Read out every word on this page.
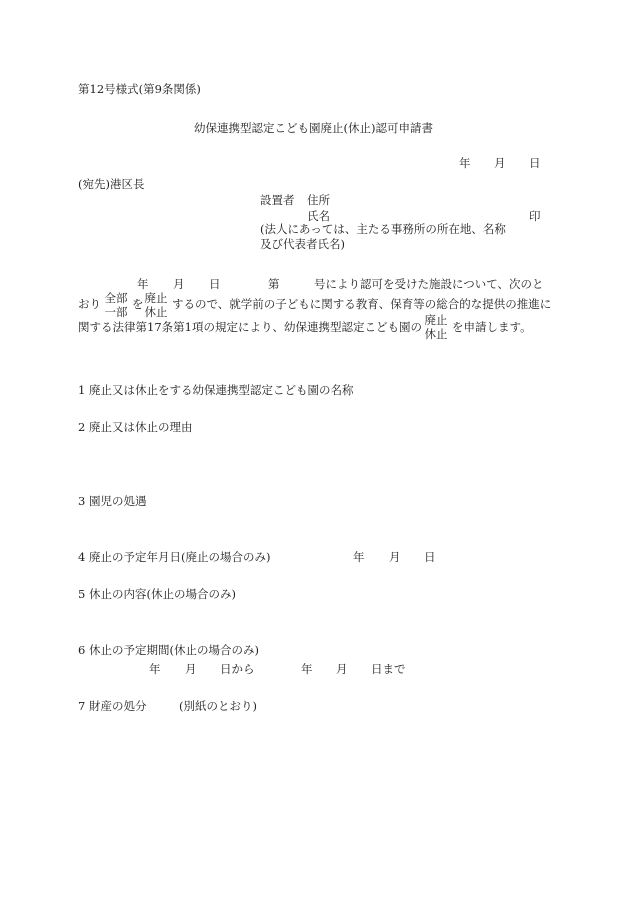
第12号様式(第9条関係)
幼保連携型認定こども園廃止(休止)認可申請書
年 月 日
(宛先)港区長
設置者 住所
氏名	印
(法人にあっては、主たる事務所の所在地、名称
及び代表者氏名)
年 月 日	第	号により認可を受けた施設について、次のと
おり 全部
一部
を 廃止
休止
するので、就学前の子どもに関する教育、保育等の総合的な提供の推進に
関する法律第17条第1項の規定により、幼保連携型認定こども園の 廃止
休止 を申請します。
1 廃止又は休止をする幼保連携型認定こども園の名称
2 廃止又は休止の理由
3 園児の処遇
4 廃止の予定年月日(廃止の場合のみ)	年 月 日
5 休止の内容(休止の場合のみ)
6 休止の予定期間(休止の場合のみ)
年 月 日から	年 月 日まで
7 財産の処分	(別紙のとおり)
